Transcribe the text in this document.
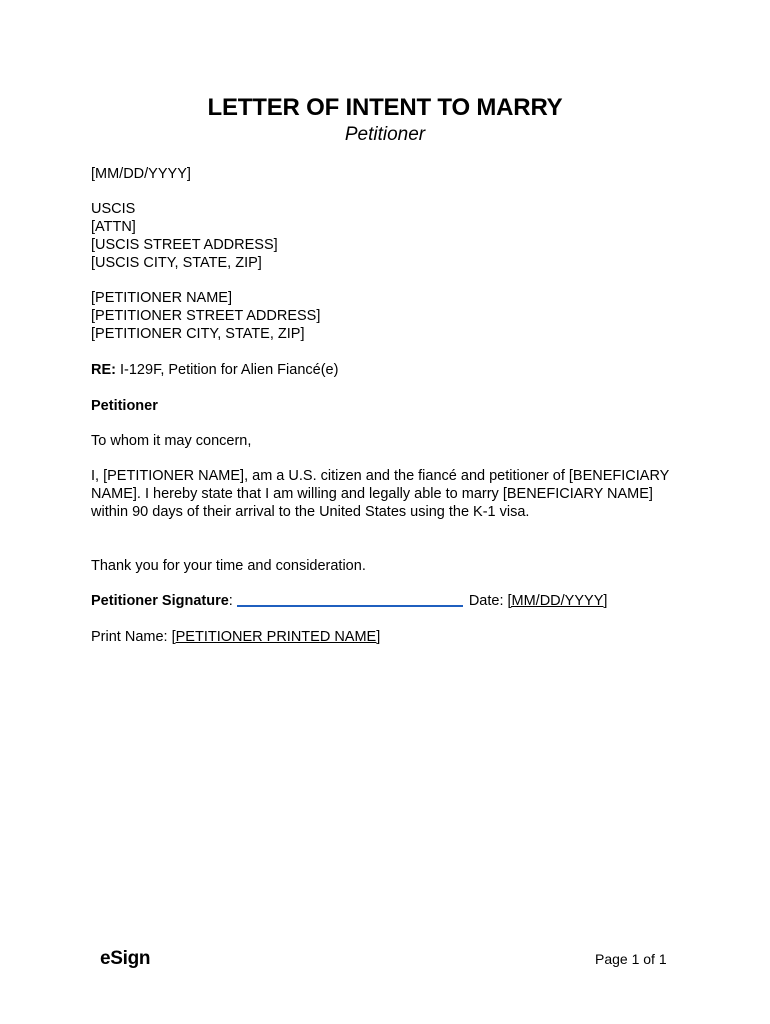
LETTER OF INTENT TO MARRY
Petitioner
[MM/DD/YYYY]
USCIS
[ATTN]
[USCIS STREET ADDRESS]
[USCIS CITY, STATE, ZIP]
[PETITIONER NAME]
[PETITIONER STREET ADDRESS]
[PETITIONER CITY, STATE, ZIP]
RE: I-129F, Petition for Alien Fiancé(e)
Petitioner
To whom it may concern,
I, [PETITIONER NAME], am a U.S. citizen and the fiancé and petitioner of [BENEFICIARY NAME]. I hereby state that I am willing and legally able to marry [BENEFICIARY NAME] within 90 days of their arrival to the United States using the K-1 visa.
Thank you for your time and consideration.
Petitioner Signature:	Date: [MM/DD/YYYY]
Print Name: [PETITIONER PRINTED NAME]
eSign	Page 1 of 1
